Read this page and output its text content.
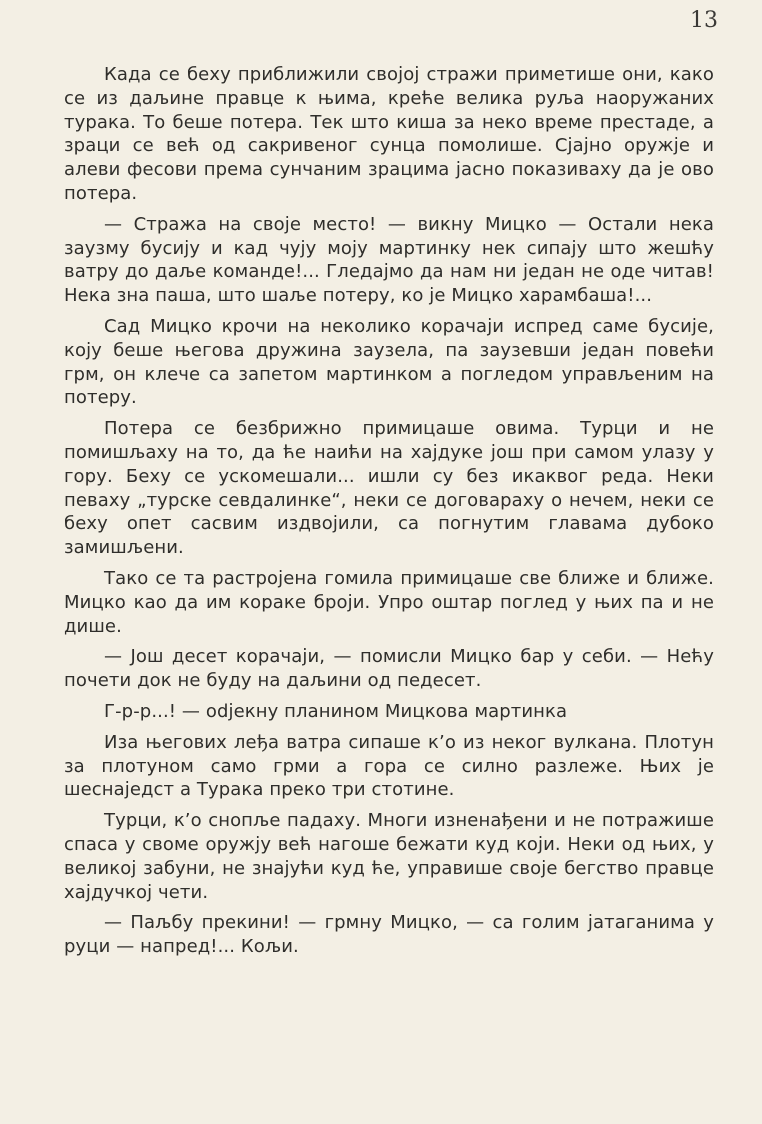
13

Када се беху приближили својој стражи приметише они, како се из даљине правце к њима, креће велика руља наоружаних турака. То беше потера. Тек што киша за неко време престаде, а зраци се већ од сакривеног сунца помолише. Сјајно оружје и алеви фесови према сунчаним зрацима јасно показиваху да је ово потера.

— Стража на своје место! — викну Мицко — Остали нека заузму бусију и кад чују моју мартинку нек сипају што жешћу ватру до даље команде!... Гледајмо да нам ни један не оде читав! Нека зна паша, што шаље потеру, ко је Мицко харамбаша!...

Сад Мицко крочи на неколико корачаји испред саме бусије, коју беше његова дружина заузела, па заузевши један повећи грм, он клече са запетом мартинком а погледом управљеним на потеру.

Потера се безбрижно примицаше овима. Турци и не помишљаху на то, да ће наићи на хајдуке још при самом улазу у гору. Беху се ускомешали... ишли су без икаквог реда. Неки певаху „турске севдалинке“, неки се договараху о нечем, неки се беху опет сасвим издвојили, са погнутим главама дубоко замишљени.

Тако се та растројена гомила примицаше све ближе и ближе. Мицко као да им кораке броји. Упро оштар поглед у њих па и не дише.

— Још десет корачаји, — помисли Мицко бар у себи. — Нећу почети док не буду на даљини од педесет.

Г-р-р...! — оdјекну планином Мицкова мартинка

Иза његових леђа ватра сипаше к’о из неког вулкана. Плотун за плотуном само грми а гора се силно разлеже. Њих је шеснаједст а Турака преко три стотине.

Турци, к’о снопље падаху. Многи изненађени и не потражише спаса у своме оружју већ нагоше бежати куд који. Неки од њих, у великој забуни, не знајући куд ће, управише своје бегство правце хајдучкој чети.

— Паљбу прекини! — грмну Мицко, — са голим јатаганима у руци — напред!... Кољи.
